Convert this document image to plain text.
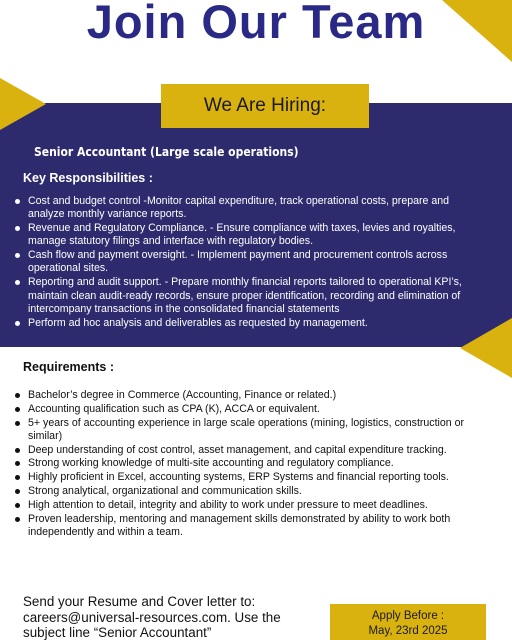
Join Our Team
We Are Hiring:
Senior Accountant (Large scale operations)
Key Responsibilities :
Cost and budget control -Monitor capital expenditure, track operational costs, prepare and analyze monthly variance reports.
Revenue and Regulatory Compliance. - Ensure compliance with taxes, levies and royalties, manage statutory filings and interface with regulatory bodies.
Cash flow and payment oversight. - Implement payment and procurement controls across operational sites.
Reporting and audit support. - Prepare monthly financial reports tailored to operational KPI’s, maintain clean audit-ready records, ensure proper identification, recording and elimination of intercompany transactions in the consolidated financial statements
Perform ad hoc analysis and deliverables as requested by management.
Requirements :
Bachelor’s degree in Commerce (Accounting, Finance or related.)
Accounting qualification such as CPA (K), ACCA or equivalent.
5+ years of accounting experience in large scale operations (mining, logistics, construction or similar)
Deep understanding of cost control, asset management, and capital expenditure tracking.
Strong working knowledge of multi-site accounting and regulatory compliance.
Highly proficient in Excel, accounting systems, ERP Systems and financial reporting tools.
Strong analytical, organizational and communication skills.
High attention to detail, integrity and ability to work under pressure to meet deadlines.
Proven leadership, mentoring and management skills demonstrated by ability to work both independently and within a team.
Send your Resume and Cover letter to:
careers@universal-resources.com. Use the
subject line “Senior Accountant”
Apply Before :
May, 23rd 2025
